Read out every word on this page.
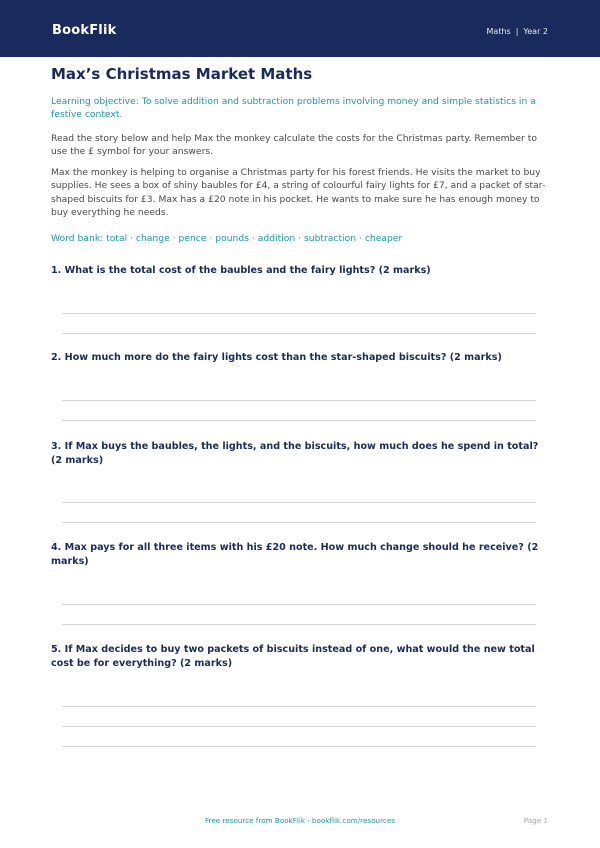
BookFlik	Maths | Year 2
Max’s Christmas Market Maths
Learning objective: To solve addition and subtraction problems involving money and simple statistics in a festive context.
Read the story below and help Max the monkey calculate the costs for the Christmas party. Remember to use the £ symbol for your answers.
Max the monkey is helping to organise a Christmas party for his forest friends. He visits the market to buy supplies. He sees a box of shiny baubles for £4, a string of colourful fairy lights for £7, and a packet of star-shaped biscuits for £3. Max has a £20 note in his pocket. He wants to make sure he has enough money to buy everything he needs.
Word bank: total · change · pence · pounds · addition · subtraction · cheaper
1. What is the total cost of the baubles and the fairy lights? (2 marks)
2. How much more do the fairy lights cost than the star-shaped biscuits? (2 marks)
3. If Max buys the baubles, the lights, and the biscuits, how much does he spend in total? (2 marks)
4. Max pays for all three items with his £20 note. How much change should he receive? (2 marks)
5. If Max decides to buy two packets of biscuits instead of one, what would the new total cost be for everything? (2 marks)
Free resource from BookFlik · bookflik.com/resources	Page 1
